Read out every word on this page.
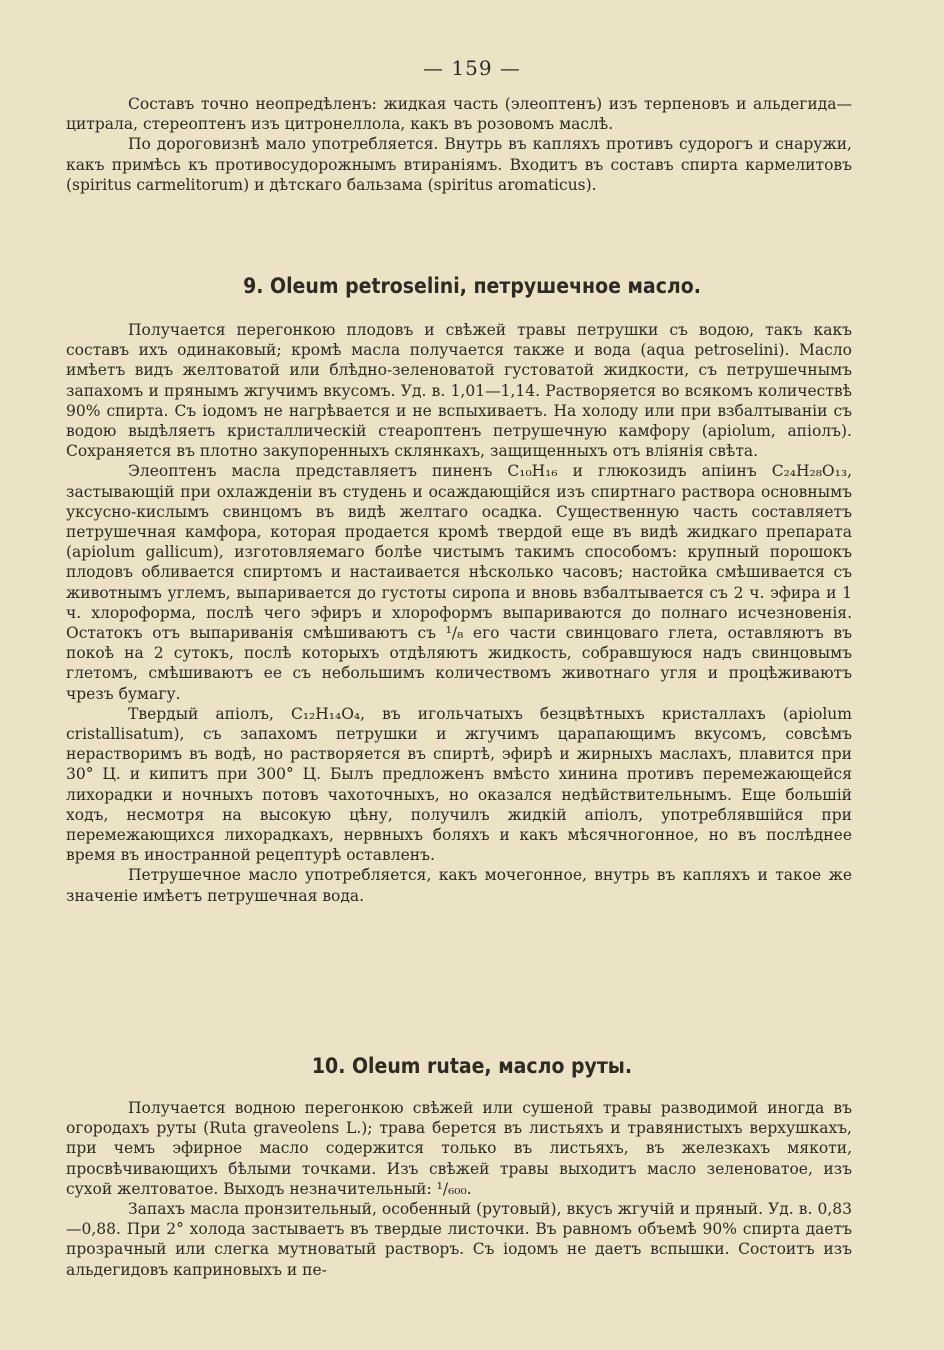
— 159 —

Составъ точно неопредѣленъ: жидкая часть (элеоптенъ) изъ терпеновъ и альдегида—цитрала, стереоптенъ изъ цитронеллола, какъ въ розовомъ маслѣ.

По дороговизнѣ мало употребляется. Внутрь въ капляхъ противъ судорогъ и снаружи, какъ примѣсь къ противосудорожнымъ втираніямъ. Входитъ въ составъ спирта кармелитовъ (spiritus carmelitorum) и дѣтскаго бальзама (spiritus aromaticus).

9. Oleum petroselini, петрушечное масло.

Получается перегонкою плодовъ и свѣжей травы петрушки съ водою, такъ какъ составъ ихъ одинаковый; кромѣ масла получается также и вода (aqua petroselini). Масло имѣетъ видъ желтоватой или блѣдно-зеленоватой густоватой жидкости, съ петрушечнымъ запахомъ и прянымъ жгучимъ вкусомъ. Уд. в. 1,01—1,14. Растворяется во всякомъ количествѣ 90% спирта. Съ іодомъ не нагрѣвается и не вспыхиваетъ. На холоду или при взбалтываніи съ водою выдѣляетъ кристаллическій стеароптенъ петрушечную камфору (apiolum, апіолъ). Сохраняется въ плотно закупоренныхъ склянкахъ, защищенныхъ отъ вліянія свѣта.

Элеоптенъ масла представляетъ пиненъ C₁₀H₁₆ и глюкозидъ апіинъ C₂₄H₂₈O₁₃, застывающій при охлажденіи въ студень и осаждающійся изъ спиртнаго раствора основнымъ уксусно-кислымъ свинцомъ въ видѣ желтаго осадка. Существенную часть составляетъ петрушечная камфора, которая продается кромѣ твердой еще въ видѣ жидкаго препарата (apiolum gallicum), изготовляемаго болѣе чистымъ такимъ способомъ: крупный порошокъ плодовъ обливается спиртомъ и настаивается нѣсколько часовъ; настойка смѣшивается съ животнымъ углемъ, выпаривается до густоты сиропа и вновь взбалтывается съ 2 ч. эфира и 1 ч. хлороформа, послѣ чего эфиръ и хлороформъ выпариваются до полнаго исчезновенія. Остатокъ отъ выпариванія смѣшиваютъ съ ¹/₈ его части свинцоваго глета, оставляютъ въ покоѣ на 2 сутокъ, послѣ которыхъ отдѣляютъ жидкость, собравшуюся надъ свинцовымъ глетомъ, смѣшиваютъ ее съ небольшимъ количествомъ животнаго угля и процѣживаютъ чрезъ бумагу.

Твердый апіолъ, C₁₂H₁₄O₄, въ игольчатыхъ безцвѣтныхъ кристаллахъ (apiolum cristallisatum), съ запахомъ петрушки и жгучимъ царапающимъ вкусомъ, совсѣмъ нерастворимъ въ водѣ, но растворяется въ спиртѣ, эфирѣ и жирныхъ маслахъ, плавится при 30° Ц. и кипитъ при 300° Ц. Былъ предложенъ вмѣсто хинина противъ перемежающейся лихорадки и ночныхъ потовъ чахоточныхъ, но оказался недѣйствительнымъ. Еще большій ходъ, несмотря на высокую цѣну, получилъ жидкій апіолъ, употреблявшійся при перемежающихся лихорадкахъ, нервныхъ боляхъ и какъ мѣсячногонное, но въ послѣднее время въ иностранной рецептурѣ оставленъ.

Петрушечное масло употребляется, какъ мочегонное, внутрь въ капляхъ и такое же значеніе имѣетъ петрушечная вода.

10. Oleum rutae, масло руты.

Получается водною перегонкою свѣжей или сушеной травы разводимой иногда въ огородахъ руты (Ruta graveolens L.); трава берется въ листьяхъ и травянистыхъ верхушкахъ, при чемъ эфирное масло содержится только въ листьяхъ, въ железкахъ мякоти, просвѣчивающихъ бѣлыми точками. Изъ свѣжей травы выходитъ масло зеленоватое, изъ сухой желтоватое. Выходъ незначительный: ¹/₆₀₀.

Запахъ масла пронзительный, особенный (рутовый), вкусъ жгучій и пряный. Уд. в. 0,83—0,88. При 2° холода застываетъ въ твердые листочки. Въ равномъ объемѣ 90% спирта даетъ прозрачный или слегка мутноватый растворъ. Съ іодомъ не даетъ вспышки. Состоитъ изъ альдегидовъ каприновыхъ и пе-
